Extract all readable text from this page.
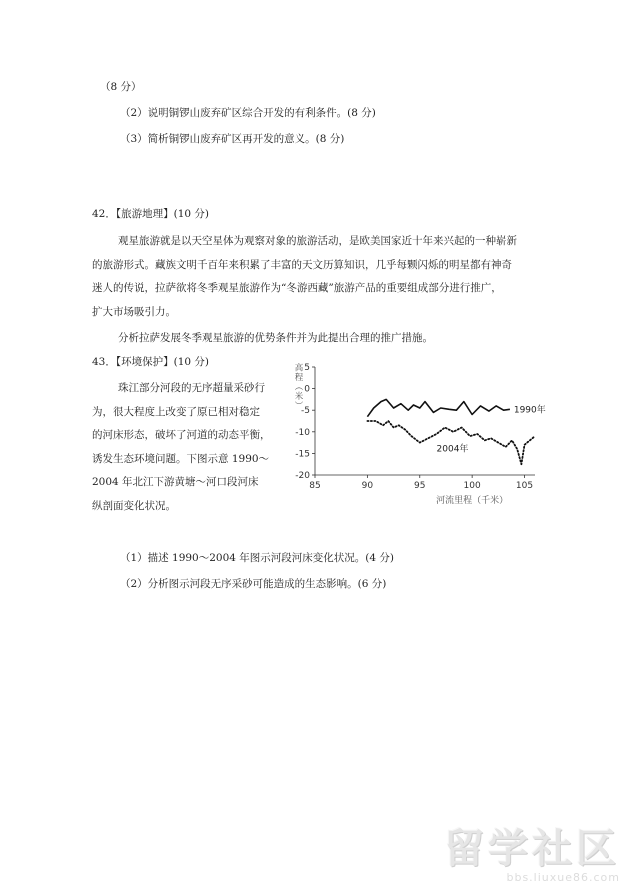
（8 分）
（2）说明铜锣山废弃矿区综合开发的有利条件。(8 分)
（3）简析铜锣山废弃矿区再开发的意义。(8 分)
42．【旅游地理】(10 分)
观星旅游就是以天空星体为观察对象的旅游活动，是欧美国家近十年来兴起的一种崭新
的旅游形式。藏族文明千百年来积累了丰富的天文历算知识，几乎每颗闪烁的明星都有神奇
迷人的传说，拉萨欲将冬季观星旅游作为“冬游西藏”旅游产品的重要组成部分进行推广，
扩大市场吸引力。
分析拉萨发展冬季观星旅游的优势条件并为此提出合理的推广措施。
43．【环境保护】(10 分)
珠江部分河段的无序超量采砂行
为，很大程度上改变了原已相对稳定
的河床形态，破坏了河道的动态平衡，
诱发生态环境问题。下图示意 1990～
2004 年北江下游黄塘～河口段河床
纵剖面变化状况。
5
0
-5
-10
-15
-20
85	90	95	100	105
高程（米）
河流里程（千米）
1990年
2004年
（1）描述 1990～2004 年图示河段河床变化状况。(4 分)
（2）分析图示河段无序采砂可能造成的生态影响。(6 分)
留学社区
bbs.liuxue86.com
